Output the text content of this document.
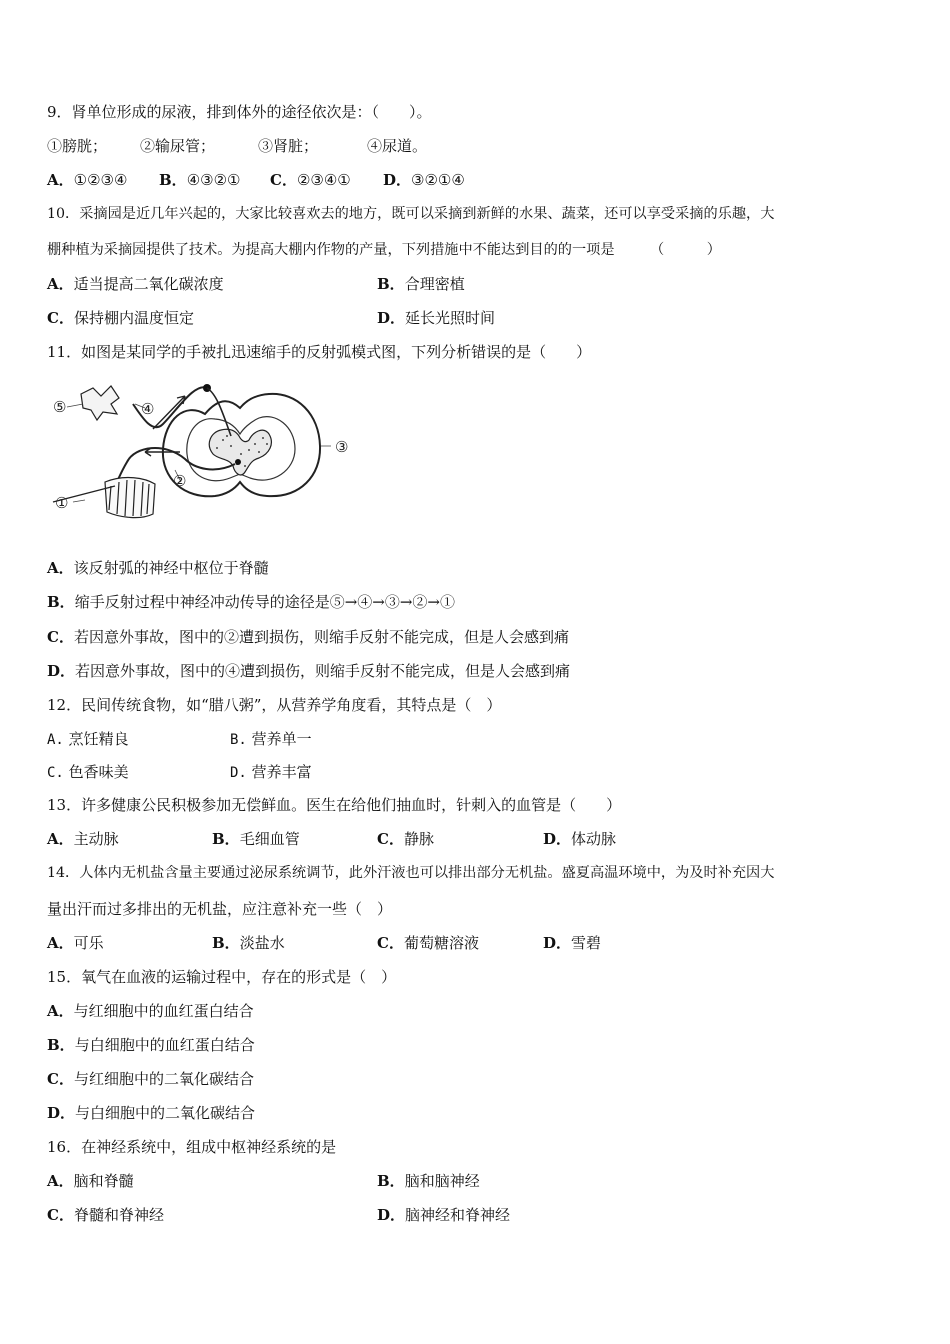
9．肾单位形成的尿液，排到体外的途径依次是：（　　）。
①膀胱； ②输尿管；	③肾脏；	④尿道。
A．①②③④ B．④③②① C．②③④① D．③②①④
10．采摘园是近几年兴起的，大家比较喜欢去的地方，既可以采摘到新鲜的水果、蔬菜，还可以享受采摘的乐趣，大
棚种植为采摘园提供了技术。为提高大棚内作物的产量，下列措施中不能达到目的的一项是　　　（　　　）
A．适当提高二氧化碳浓度	B．合理密植
C．保持棚内温度恒定	D．延长光照时间
11．如图是某同学的手被扎迅速缩手的反射弧模式图，下列分析错误的是（　　）
⑤	④
③
②
①
A．该反射弧的神经中枢位于脊髓
B．缩手反射过程中神经冲动传导的途径是⑤→④→③→②→①
C．若因意外事故，图中的②遭到损伤，则缩手反射不能完成，但是人会感到痛
D．若因意外事故，图中的④遭到损伤，则缩手反射不能完成，但是人会感到痛
12．民间传统食物，如“腊八粥”，从营养学角度看，其特点是（　）
A. 烹饪精良	B. 营养单一
C. 色香味美	D. 营养丰富
13．许多健康公民积极参加无偿鲜血。医生在给他们抽血时，针刺入的血管是（　　）
A．主动脉	B．毛细血管	C．静脉	D．体动脉
14．人体内无机盐含量主要通过泌尿系统调节，此外汗液也可以排出部分无机盐。盛夏高温环境中，为及时补充因大
量出汗而过多排出的无机盐，应注意补充一些（　）
A．可乐	B．淡盐水	C．葡萄糖溶液	D．雪碧
15．氧气在血液的运输过程中，存在的形式是（　）
A．与红细胞中的血红蛋白结合
B．与白细胞中的血红蛋白结合
C．与红细胞中的二氧化碳结合
D．与白细胞中的二氧化碳结合
16．在神经系统中，组成中枢神经系统的是
A．脑和脊髓	B．脑和脑神经
C．脊髓和脊神经	D．脑神经和脊神经
